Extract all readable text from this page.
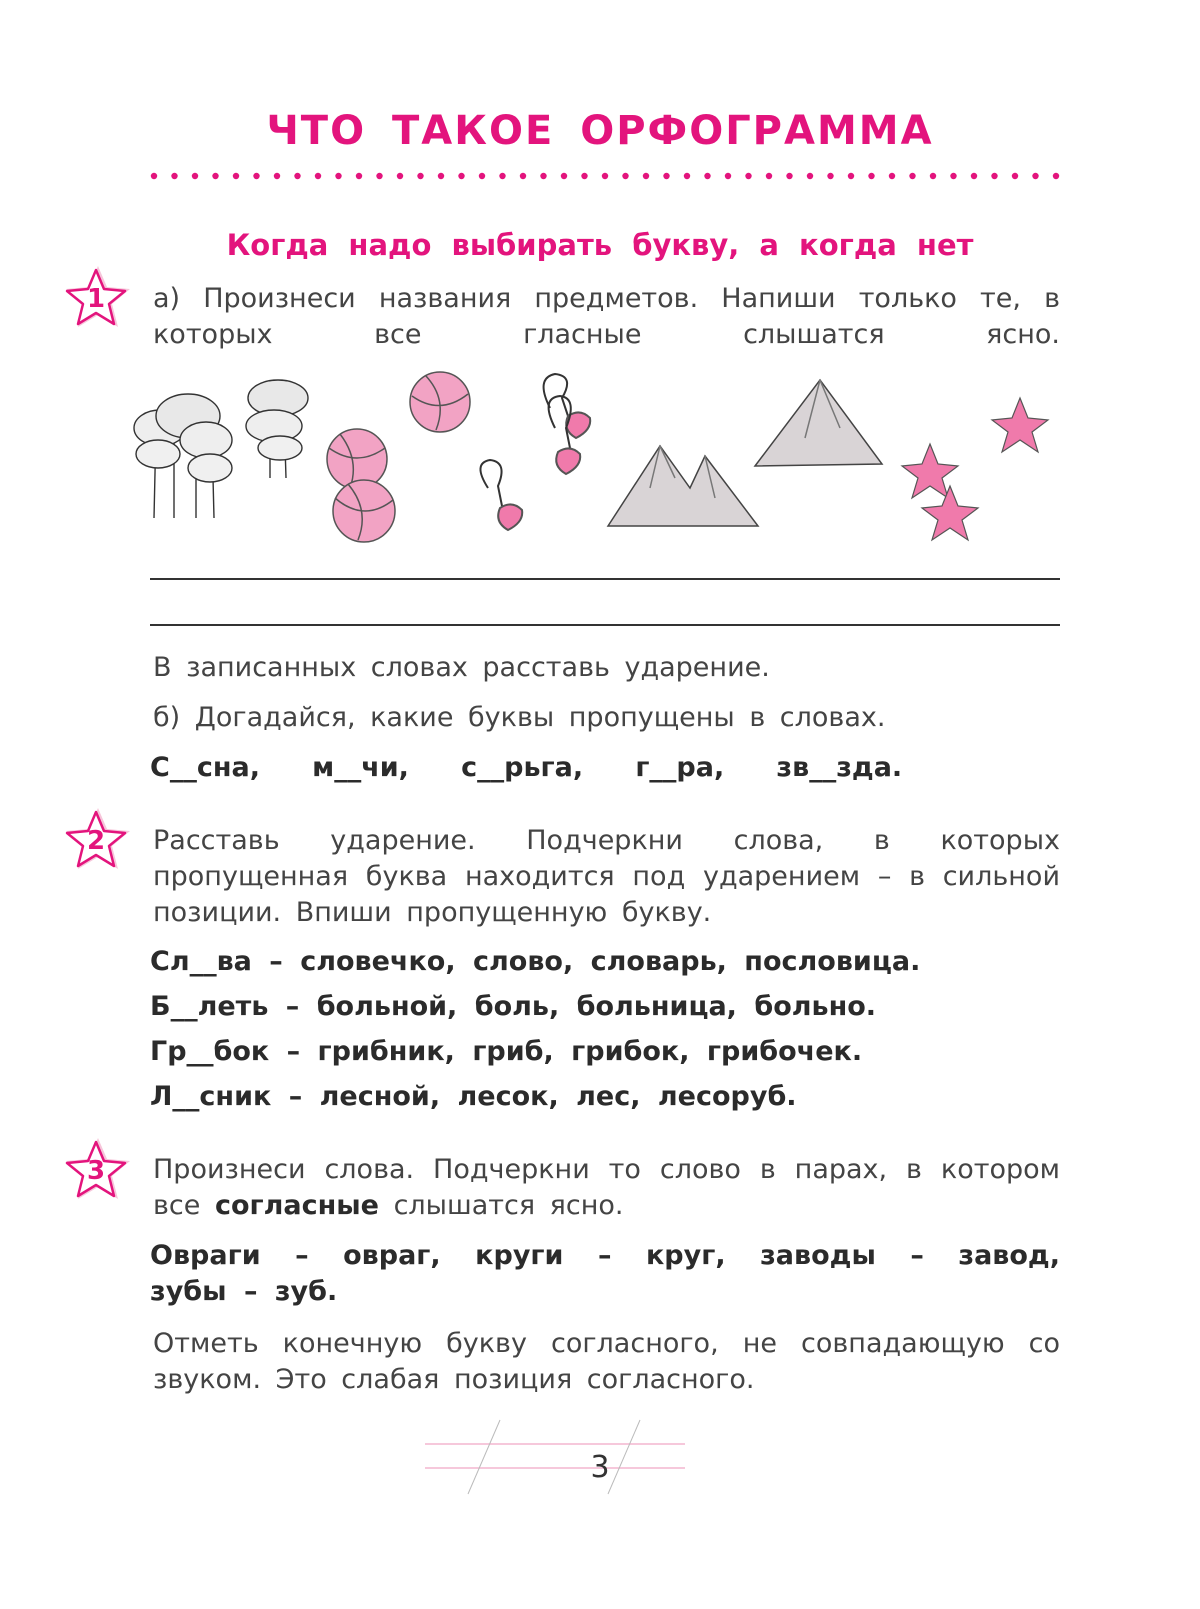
ЧТО ТАКОЕ ОРФОГРАММА
Когда надо выбирать букву, а когда нет
1 а) Произнеси названия предметов. Напиши только те, в которых все гласные слышатся ясно.
В записанных словах расставь ударение.
б) Догадайся, какие буквы пропущены в словах.
С__сна,   м__чи,   с__рьга,   г__ра,   зв__зда.
2 Расставь ударение. Подчеркни слова, в которых пропущенная буква находится под ударением – в сильной позиции. Впиши пропущенную букву.
Сл__ва – словечко, слово, словарь, пословица.
Б__леть – больной, боль, больница, больно.
Гр__бок – грибник, гриб, грибок, грибочек.
Л__сник – лесной, лесок, лес, лесоруб.
3 Произнеси слова. Подчеркни то слово в парах, в котором все согласные слышатся ясно.
Овраги – овраг, круги – круг, заводы – завод,
зубы – зуб.
Отметь конечную букву согласного, не совпадающую со звуком. Это слабая позиция согласного.
3
